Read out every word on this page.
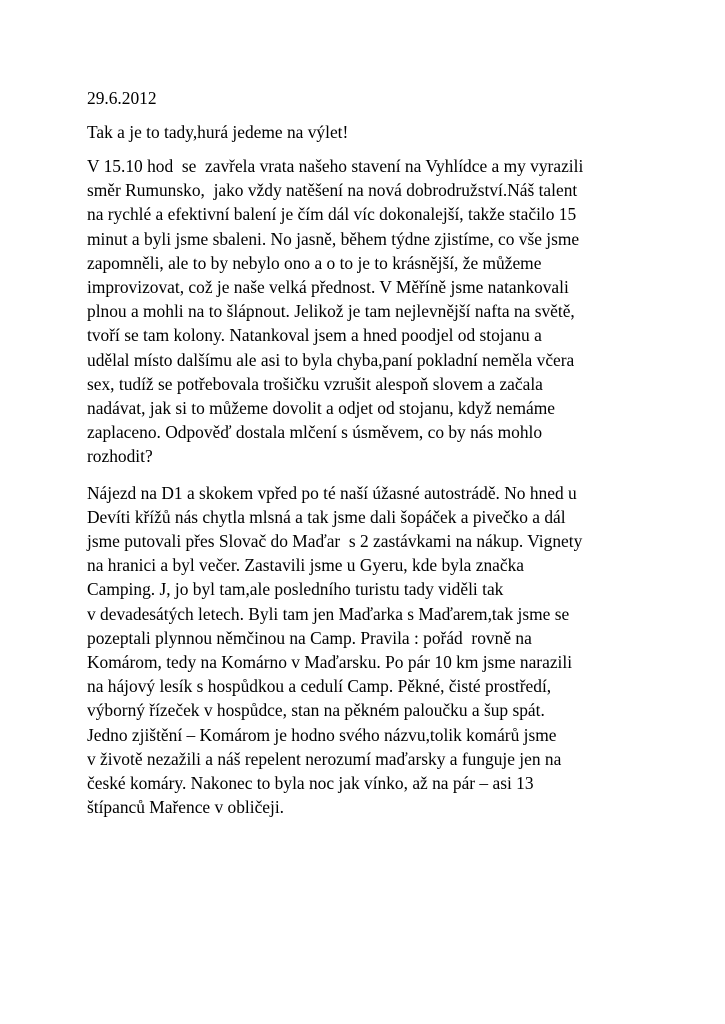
29.6.2012

Tak a je to tady,hurá jedeme na výlet!

V 15.10 hod  se  zavřela vrata našeho stavení na Vyhlídce a my vyrazili
směr Rumunsko,  jako vždy natěšení na nová dobrodružství.Náš talent
na rychlé a efektivní balení je čím dál víc dokonalejší, takže stačilo 15
minut a byli jsme sbaleni. No jasně, během týdne zjistíme, co vše jsme
zapomněli, ale to by nebylo ono a o to je to krásnější, že můžeme
improvizovat, což je naše velká přednost. V Měříně jsme natankovali
plnou a mohli na to šlápnout. Jelikož je tam nejlevnější nafta na světě,
tvoří se tam kolony. Natankoval jsem a hned poodjel od stojanu a
udělal místo dalšímu ale asi to byla chyba,paní pokladní neměla včera
sex, tudíž se potřebovala trošičku vzrušit alespoň slovem a začala
nadávat, jak si to můžeme dovolit a odjet od stojanu, když nemáme
zaplaceno. Odpověď dostala mlčení s úsměvem, co by nás mohlo
rozhodit?

Nájezd na D1 a skokem vpřed po té naší úžasné autostrádě. No hned u
Devíti křížů nás chytla mlsná a tak jsme dali šopáček a pivečko a dál
jsme putovali přes Slovač do Maďar  s 2 zastávkami na nákup. Vignety
na hranici a byl večer. Zastavili jsme u Gyeru, kde byla značka
Camping. J, jo byl tam,ale posledního turistu tady viděli tak
v devadesátých letech. Byli tam jen Maďarka s Maďarem,tak jsme se
pozeptali plynnou němčinou na Camp. Pravila : pořád  rovně na
Komárom, tedy na Komárno v Maďarsku. Po pár 10 km jsme narazili
na hájový lesík s hospůdkou a cedulí Camp. Pěkné, čisté prostředí,
výborný řízeček v hospůdce, stan na pěkném paloučku a šup spát.
Jedno zjištění – Komárom je hodno svého názvu,tolik komárů jsme
v životě nezažili a náš repelent nerozumí maďarsky a funguje jen na
české komáry. Nakonec to byla noc jak vínko, až na pár – asi 13
štípanců Mařence v obličeji.
